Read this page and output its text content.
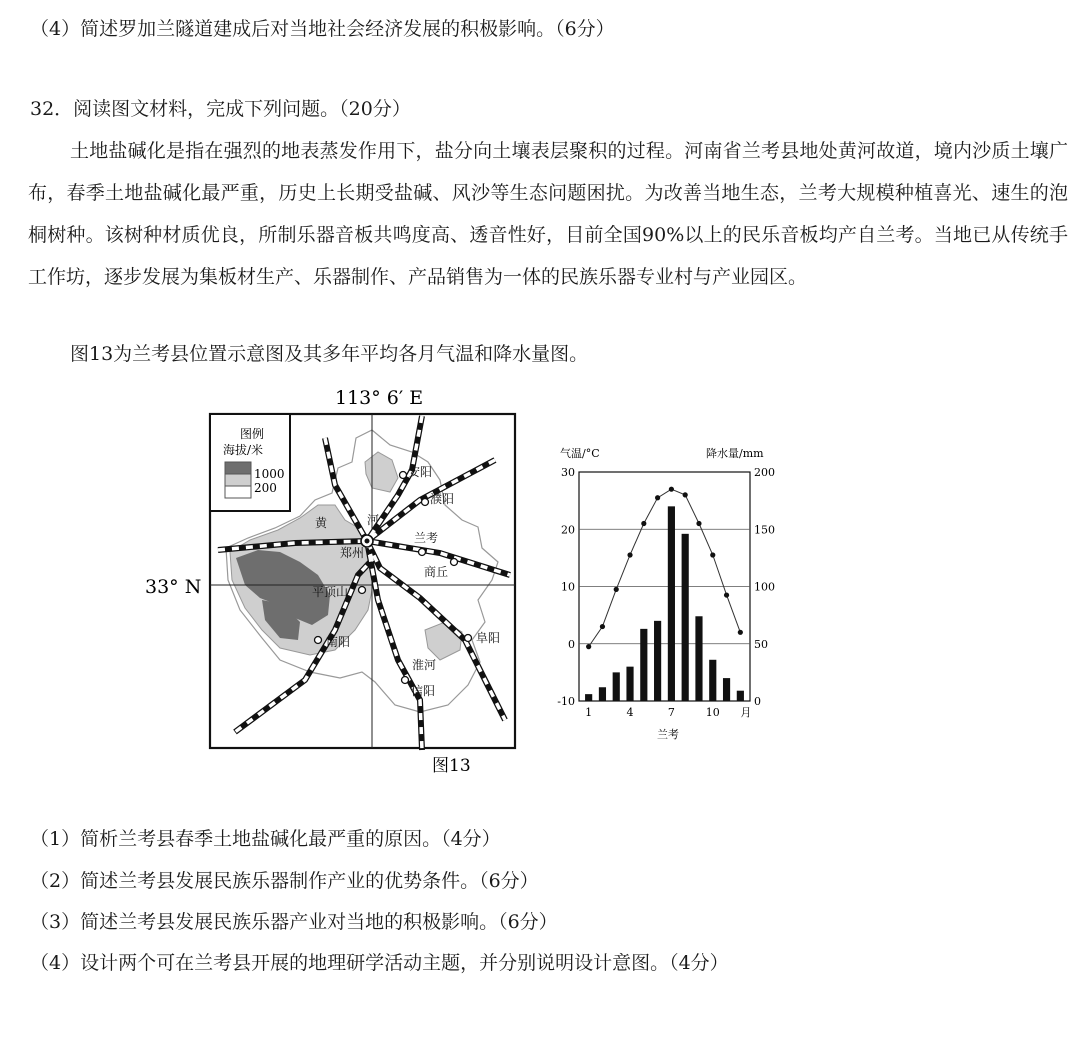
（4）简述罗加兰隧道建成后对当地社会经济发展的积极影响。（6分）
32．阅读图文材料，完成下列问题。（20分）
土地盐碱化是指在强烈的地表蒸发作用下，盐分向土壤表层聚积的过程。河南省兰考县地处黄河故道，境内沙质土壤广布，春季土地盐碱化最严重，历史上长期受盐碱、风沙等生态问题困扰。为改善当地生态，兰考大规模种植喜光、速生的泡桐树种。该树种材质优良，所制乐器音板共鸣度高、透音性好，目前全国90%以上的民乐音板均产自兰考。当地已从传统手工作坊，逐步发展为集板材生产、乐器制作、产品销售为一体的民族乐器专业村与产业园区。
图13为兰考县位置示意图及其多年平均各月气温和降水量图。
113° 6′ E
33° N
图例
海拔/米
1000
200
安阳
濮阳
兰考
郑州
商丘
平顶山
南阳	阜阳
淮河
信阳
黄	河
图13
气温/°C	降水量/mm
兰考
-10
0
10
20
30
0
50
100
150
200
1	4	7	10 月
（1）简析兰考县春季土地盐碱化最严重的原因。（4分）
（2）简述兰考县发展民族乐器制作产业的优势条件。（6分）
（3）简述兰考县发展民族乐器产业对当地的积极影响。（6分）
（4）设计两个可在兰考县开展的地理研学活动主题，并分别说明设计意图。（4分）
